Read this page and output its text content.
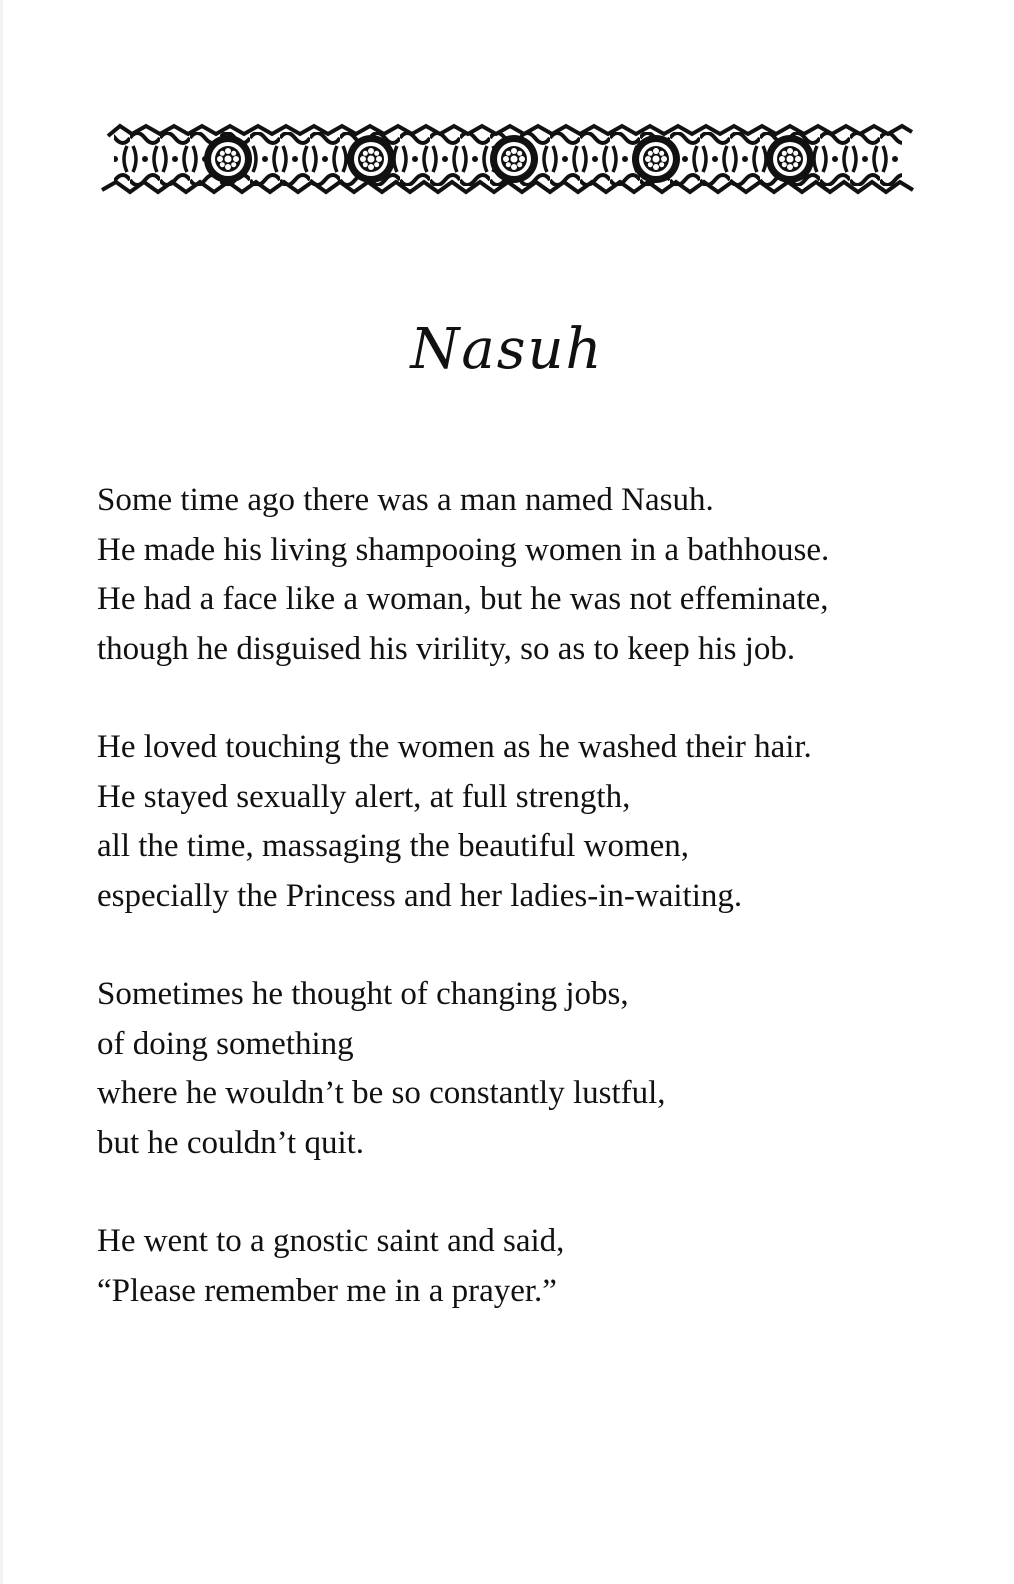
Nasuh
Some time ago there was a man named Nasuh.
He made his living shampooing women in a bathhouse.
He had a face like a woman, but he was not effeminate,
though he disguised his virility, so as to keep his job.
He loved touching the women as he washed their hair.
He stayed sexually alert, at full strength,
all the time, massaging the beautiful women,
especially the Princess and her ladies-in-waiting.
Sometimes he thought of changing jobs,
of doing something
where he wouldn’t be so constantly lustful,
but he couldn’t quit.
He went to a gnostic saint and said,
“Please remember me in a prayer.”
